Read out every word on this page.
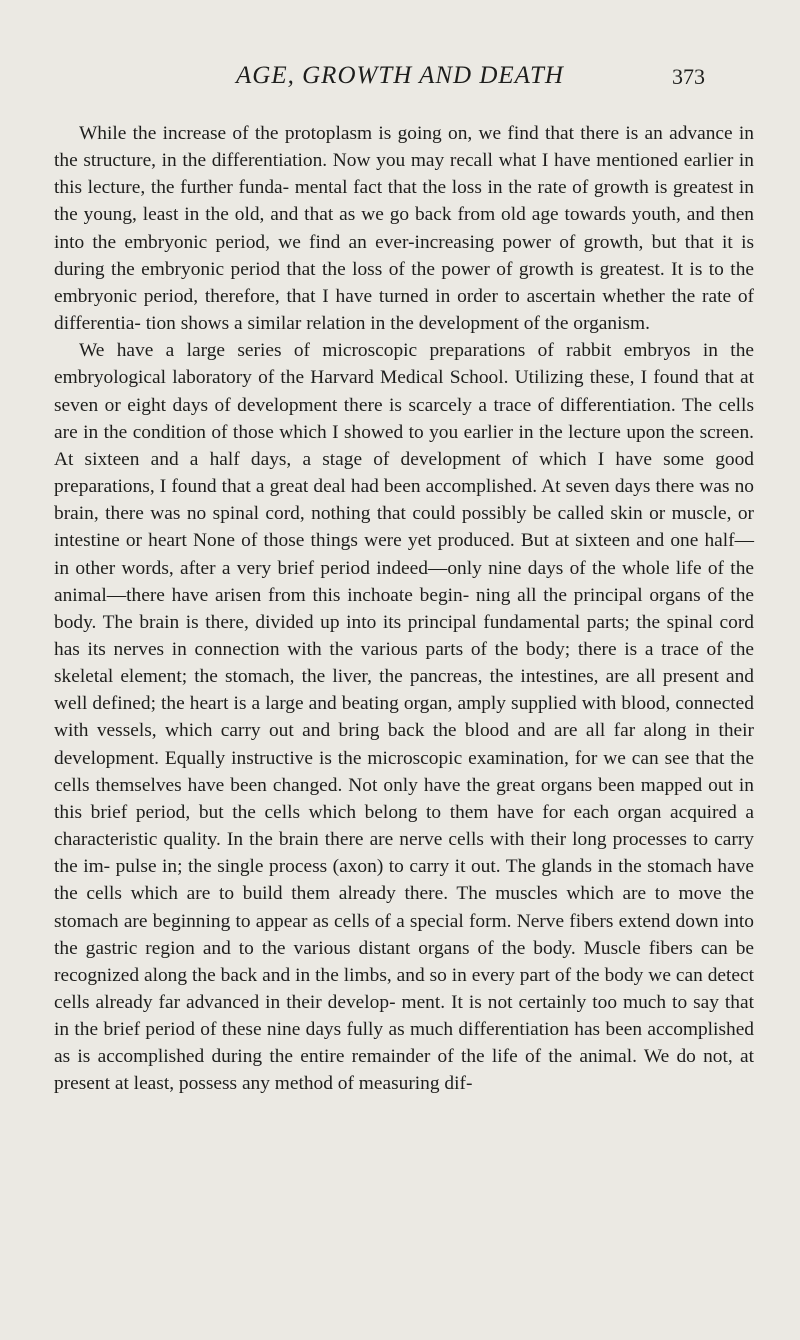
AGE, GROWTH AND DEATH	373

While the increase of the protoplasm is going on, we find that there is an advance in the structure, in the differentiation. Now you may recall what I have mentioned earlier in this lecture, the further funda- mental fact that the loss in the rate of growth is greatest in the young, least in the old, and that as we go back from old age towards youth, and then into the embryonic period, we find an ever-increasing power of growth, but that it is during the embryonic period that the loss of the power of growth is greatest. It is to the embryonic period, therefore, that I have turned in order to ascertain whether the rate of differentia- tion shows a similar relation in the development of the organism.

We have a large series of microscopic preparations of rabbit embryos in the embryological laboratory of the Harvard Medical School. Utilizing these, I found that at seven or eight days of development there is scarcely a trace of differentiation. The cells are in the condition of those which I showed to you earlier in the lecture upon the screen. At sixteen and a half days, a stage of development of which I have some good preparations, I found that a great deal had been accomplished. At seven days there was no brain, there was no spinal cord, nothing that could possibly be called skin or muscle, or intestine or heart None of those things were yet produced. But at sixteen and one half— in other words, after a very brief period indeed—only nine days of the whole life of the animal—there have arisen from this inchoate begin- ning all the principal organs of the body. The brain is there, divided up into its principal fundamental parts; the spinal cord has its nerves in connection with the various parts of the body; there is a trace of the skeletal element; the stomach, the liver, the pancreas, the intestines, are all present and well defined; the heart is a large and beating organ, amply supplied with blood, connected with vessels, which carry out and bring back the blood and are all far along in their development. Equally instructive is the microscopic examination, for we can see that the cells themselves have been changed. Not only have the great organs been mapped out in this brief period, but the cells which belong to them have for each organ acquired a characteristic quality. In the brain there are nerve cells with their long processes to carry the im- pulse in; the single process (axon) to carry it out. The glands in the stomach have the cells which are to build them already there. The muscles which are to move the stomach are beginning to appear as cells of a special form. Nerve fibers extend down into the gastric region and to the various distant organs of the body. Muscle fibers can be recognized along the back and in the limbs, and so in every part of the body we can detect cells already far advanced in their develop- ment. It is not certainly too much to say that in the brief period of these nine days fully as much differentiation has been accomplished as is accomplished during the entire remainder of the life of the animal. We do not, at present at least, possess any method of measuring dif-
